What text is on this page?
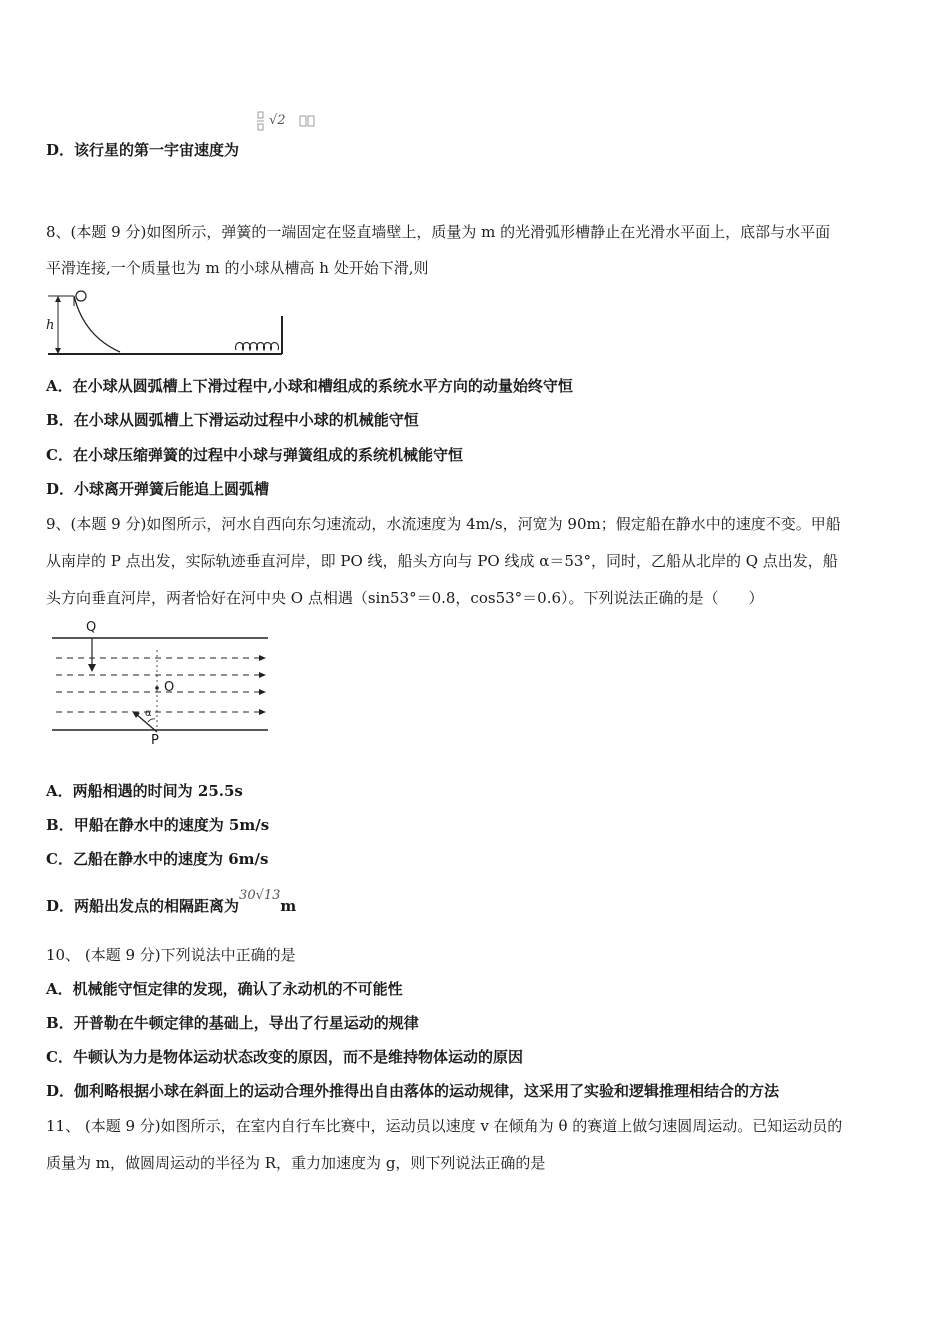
D．该行星的第一宇宙速度为
√2
8、(本题 9 分)如图所示，弹簧的一端固定在竖直墙壁上，质量为 m 的光滑弧形槽静止在光滑水平面上，底部与水平面
平滑连接,一个质量也为 m 的小球从槽高 h 处开始下滑,则
h
A．在小球从圆弧槽上下滑过程中,小球和槽组成的系统水平方向的动量始终守恒
B．在小球从圆弧槽上下滑运动过程中小球的机械能守恒
C．在小球压缩弹簧的过程中小球与弹簧组成的系统机械能守恒
D．小球离开弹簧后能追上圆弧槽
9、(本题 9 分)如图所示，河水自西向东匀速流动，水流速度为 4m/s，河宽为 90m；假定船在静水中的速度不变。甲船
从南岸的 P 点出发，实际轨迹垂直河岸，即 PO 线，船头方向与 PO 线成 α＝53°，同时，乙船从北岸的 Q 点出发，船
头方向垂直河岸，两者恰好在河中央 O 点相遇（sin53°＝0.8，cos53°＝0.6）。下列说法正确的是（　　）
Q
O
P
α
A．两船相遇的时间为 25.5s
B．甲船在静水中的速度为 5m/s
C．乙船在静水中的速度为 6m/s
D．两船出发点的相隔距离为30√13m
10、 (本题 9 分)下列说法中正确的是
A．机械能守恒定律的发现，确认了永动机的不可能性
B．开普勒在牛顿定律的基础上，导出了行星运动的规律
C．牛顿认为力是物体运动状态改变的原因，而不是维持物体运动的原因
D．伽利略根据小球在斜面上的运动合理外推得出自由落体的运动规律，这采用了实验和逻辑推理相结合的方法
11、 (本题 9 分)如图所示，在室内自行车比赛中，运动员以速度 v 在倾角为 θ 的赛道上做匀速圆周运动。已知运动员的
质量为 m，做圆周运动的半径为 R，重力加速度为 g，则下列说法正确的是
